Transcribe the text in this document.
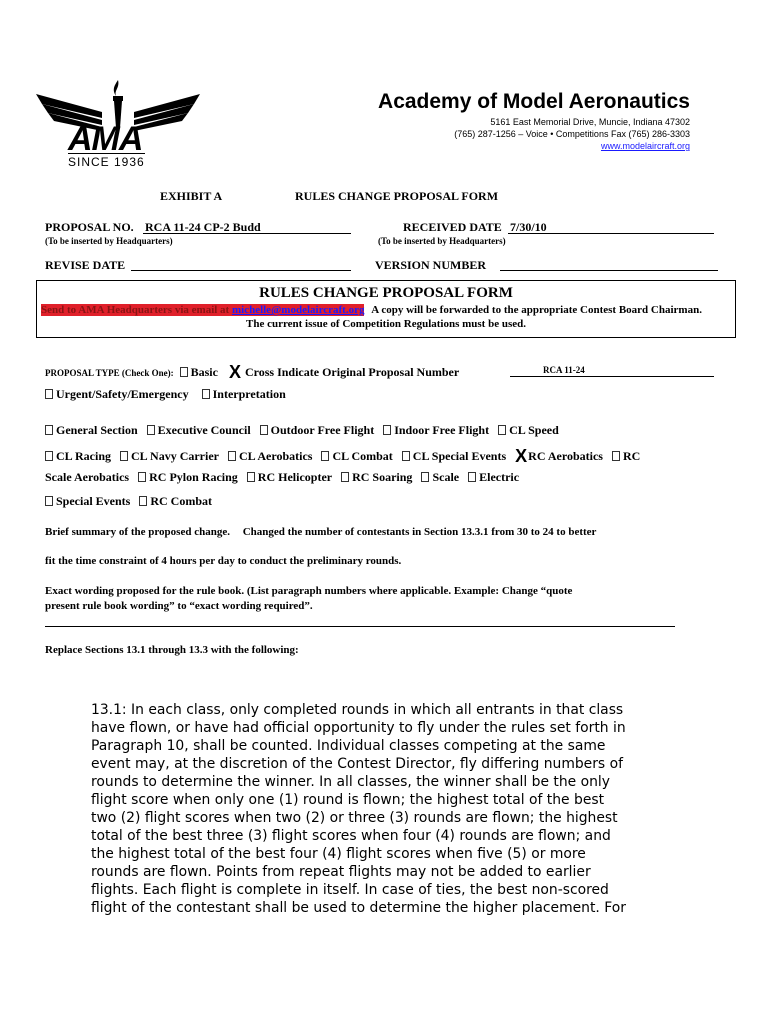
AMA
SINCE 1936
Academy of Model Aeronautics
5161 East Memorial Drive, Muncie, Indiana 47302
(765) 287-1256 – Voice • Competitions Fax (765) 286-3303
www.modelaircraft.org
EXHIBIT A	RULES CHANGE PROPOSAL FORM
PROPOSAL NO. RCA 11-24 CP-2 Budd
(To be inserted by Headquarters)
RECEIVED DATE 7/30/10
(To be inserted by Headquarters)
REVISE DATE	VERSION NUMBER
RULES CHANGE PROPOSAL FORM
Send to AMA Headquarters via email at michelle@modelaircraft.org A copy will be forwarded to the appropriate Contest Board Chairman.
The current issue of Competition Regulations must be used.
PROPOSAL TYPE (Check One): Basic X Cross Indicate Original Proposal Number	RCA 11-24
Urgent/Safety/Emergency Interpretation
General Section Executive Council Outdoor Free Flight Indoor Free Flight CL Speed
CL Racing CL Navy Carrier CL Aerobatics CL Combat CL Special Events XRC Aerobatics RC
Scale Aerobatics RC Pylon Racing RC Helicopter RC Soaring Scale Electric
Special Events RC Combat
Brief summary of the proposed change. Changed the number of contestants in Section 13.3.1 from 30 to 24 to better
fit the time constraint of 4 hours per day to conduct the preliminary rounds.
Exact wording proposed for the rule book. (List paragraph numbers where applicable. Example: Change “quote
present rule book wording” to “exact wording required”.
Replace Sections 13.1 through 13.3 with the following:
13.1: In each class, only completed rounds in which all entrants in that class
have flown, or have had official opportunity to fly under the rules set forth in
Paragraph 10, shall be counted. Individual classes competing at the same
event may, at the discretion of the Contest Director, fly differing numbers of
rounds to determine the winner. In all classes, the winner shall be the only
flight score when only one (1) round is flown; the highest total of the best
two (2) flight scores when two (2) or three (3) rounds are flown; the highest
total of the best three (3) flight scores when four (4) rounds are flown; and
the highest total of the best four (4) flight scores when five (5) or more
rounds are flown. Points from repeat flights may not be added to earlier
flights. Each flight is complete in itself. In case of ties, the best non-scored
flight of the contestant shall be used to determine the higher placement. For
